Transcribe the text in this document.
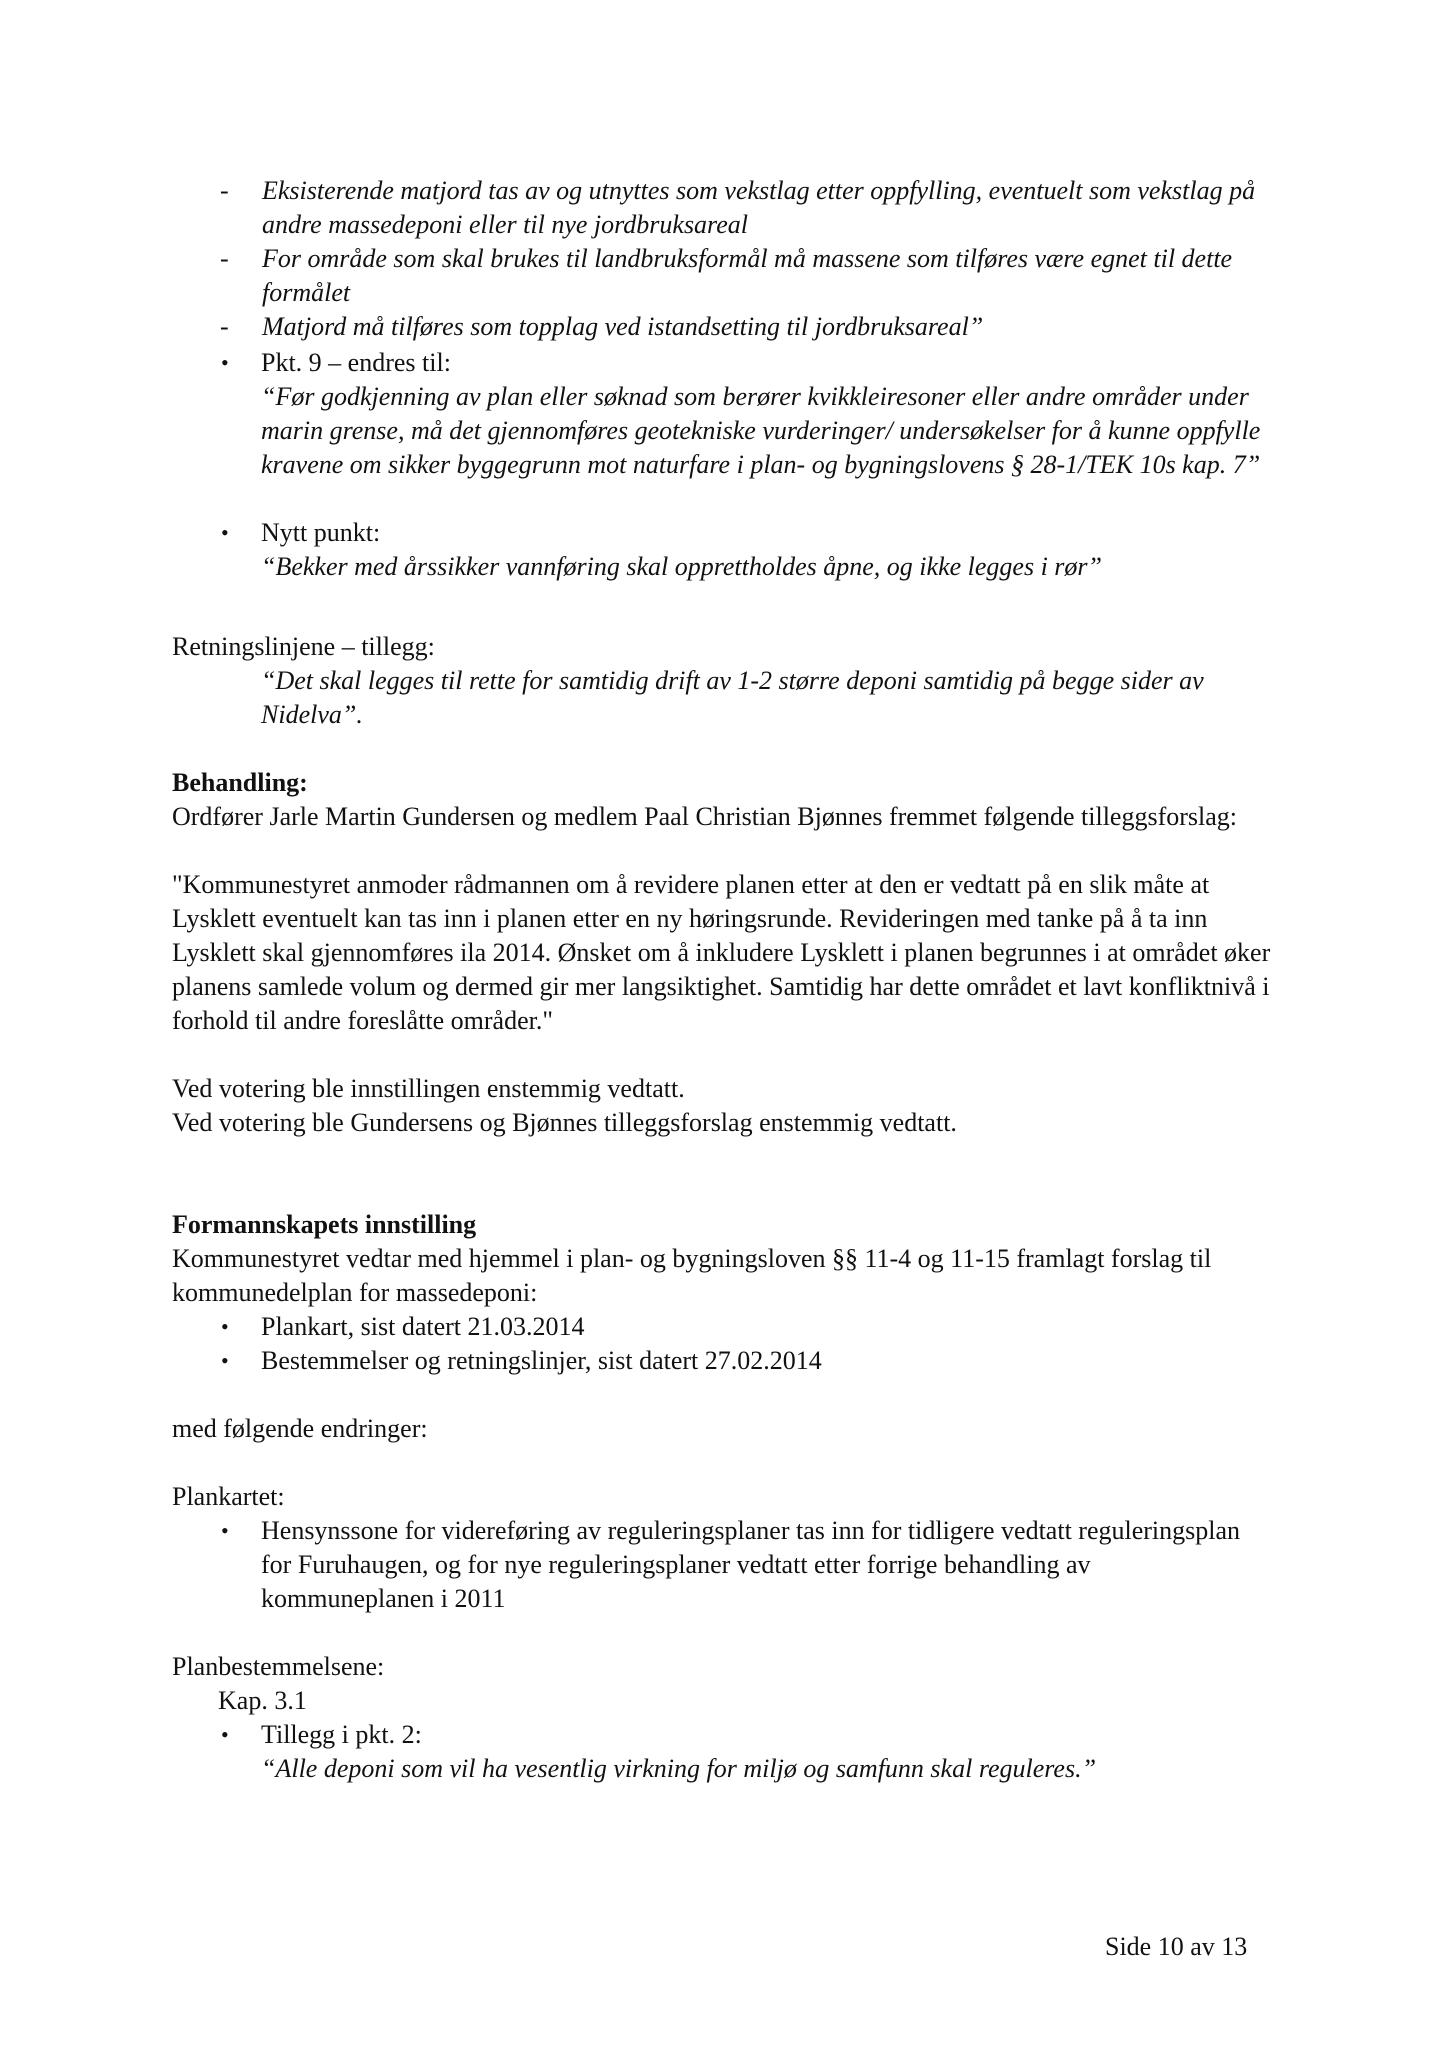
- Eksisterende matjord tas av og utnyttes som vekstlag etter oppfylling, eventuelt som vekstlag på andre massedeponi eller til nye jordbruksareal
- For område som skal brukes til landbruksformål må massene som tilføres være egnet til dette formålet
- Matjord må tilføres som topplag ved istandsetting til jordbruksareal”
• Pkt. 9 – endres til:
“Før godkjenning av plan eller søknad som berører kvikkleiresoner eller andre områder under marin grense, må det gjennomføres geotekniske vurderinger/ undersøkelser for å kunne oppfylle kravene om sikker byggegrunn mot naturfare i plan- og bygningslovens § 28-1/TEK 10s kap. 7”
• Nytt punkt:
“Bekker med årssikker vannføring skal opprettholdes åpne, og ikke legges i rør”
Retningslinjene – tillegg:
“Det skal legges til rette for samtidig drift av 1-2 større deponi samtidig på begge sider av Nidelva”.
Behandling:
Ordfører Jarle Martin Gundersen og medlem Paal Christian Bjønnes fremmet følgende tilleggsforslag:
"Kommunestyret anmoder rådmannen om å revidere planen etter at den er vedtatt på en slik måte at Lysklett eventuelt kan tas inn i planen etter en ny høringsrunde. Revideringen med tanke på å ta inn Lysklett skal gjennomføres ila 2014. Ønsket om å inkludere Lysklett i planen begrunnes i at området øker planens samlede volum og dermed gir mer langsiktighet. Samtidig har dette området et lavt konfliktnivå i forhold til andre foreslåtte områder."
Ved votering ble innstillingen enstemmig vedtatt.
Ved votering ble Gundersens og Bjønnes tilleggsforslag enstemmig vedtatt.
Formannskapets innstilling
Kommunestyret vedtar med hjemmel i plan- og bygningsloven §§ 11-4 og 11-15 framlagt forslag til kommunedelplan for massedeponi:
• Plankart, sist datert 21.03.2014
• Bestemmelser og retningslinjer, sist datert 27.02.2014
med følgende endringer:
Plankartet:
• Hensynssone for videreføring av reguleringsplaner tas inn for tidligere vedtatt reguleringsplan for Furuhaugen, og for nye reguleringsplaner vedtatt etter forrige behandling av kommuneplanen i 2011
Planbestemmelsene:
Kap. 3.1
• Tillegg i pkt. 2:
“Alle deponi som vil ha vesentlig virkning for miljø og samfunn skal reguleres.”
Side 10 av 13
